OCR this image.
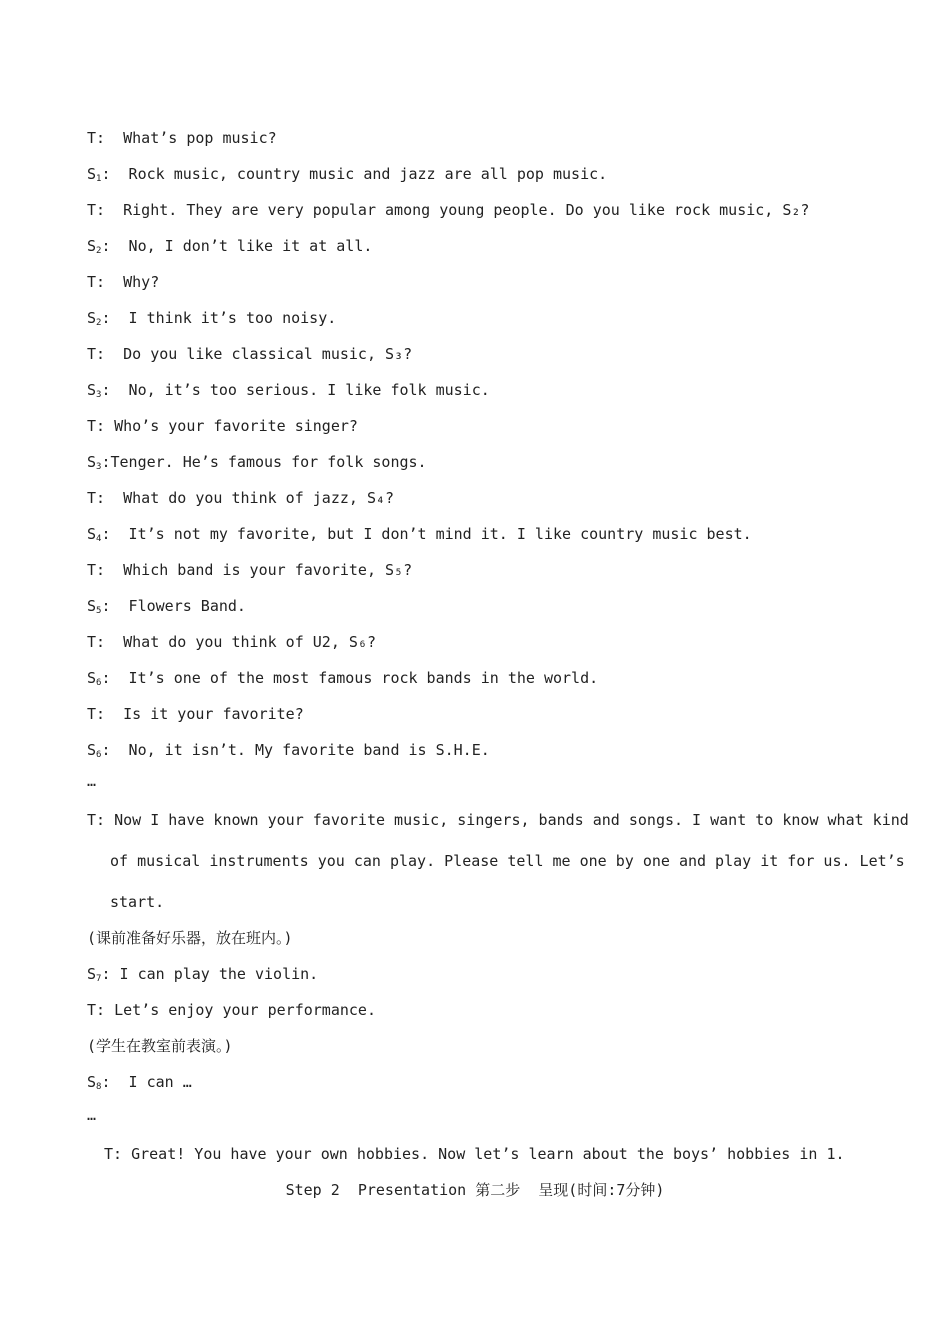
T:  What’s pop music?
$S_1$:  Rock music, country music and jazz are all pop music.
T:  Right. They are very popular among young people. Do you like rock music, S₂?
$S_2$:  No, I don’t like it at all.
T:  Why?
$S_2$:  I think it’s too noisy.
T:  Do you like classical music, S₃?
$S_3$:  No, it’s too serious. I like folk music.
T: Who’s your favorite singer?
$S_3:Tenger$. He’s famous for folk songs.
T:  What do you think of jazz, S₄?
$S_4$:  It’s not my favorite, but I don’t mind it. I like country music best.
T:  Which band is your favorite, S₅?
$S_5$:  Flowers Band.
T:  What do you think of U2, S₆?
$S_6$:  It’s one of the most famous rock bands in the world.
T:  Is it your favorite?
$S_6$:  No, it isn’t. My favorite band is S.H.E.
…
T: Now I have known your favorite music, singers, bands and songs. I want to know what kind
of musical instruments you can play. Please tell me one by one and play it for us. Let’s
start.
(课前准备好乐器，放在班内。)
$S_7$: I can play the violin.
T: Let’s enjoy your performance.
(学生在教室前表演。)
$S_8$:  I can …
…
T: Great! You have your own hobbies. Now let’s learn about the boys’ hobbies in 1.
Step 2  Presentation 第二步  呈现(时间:7分钟)
